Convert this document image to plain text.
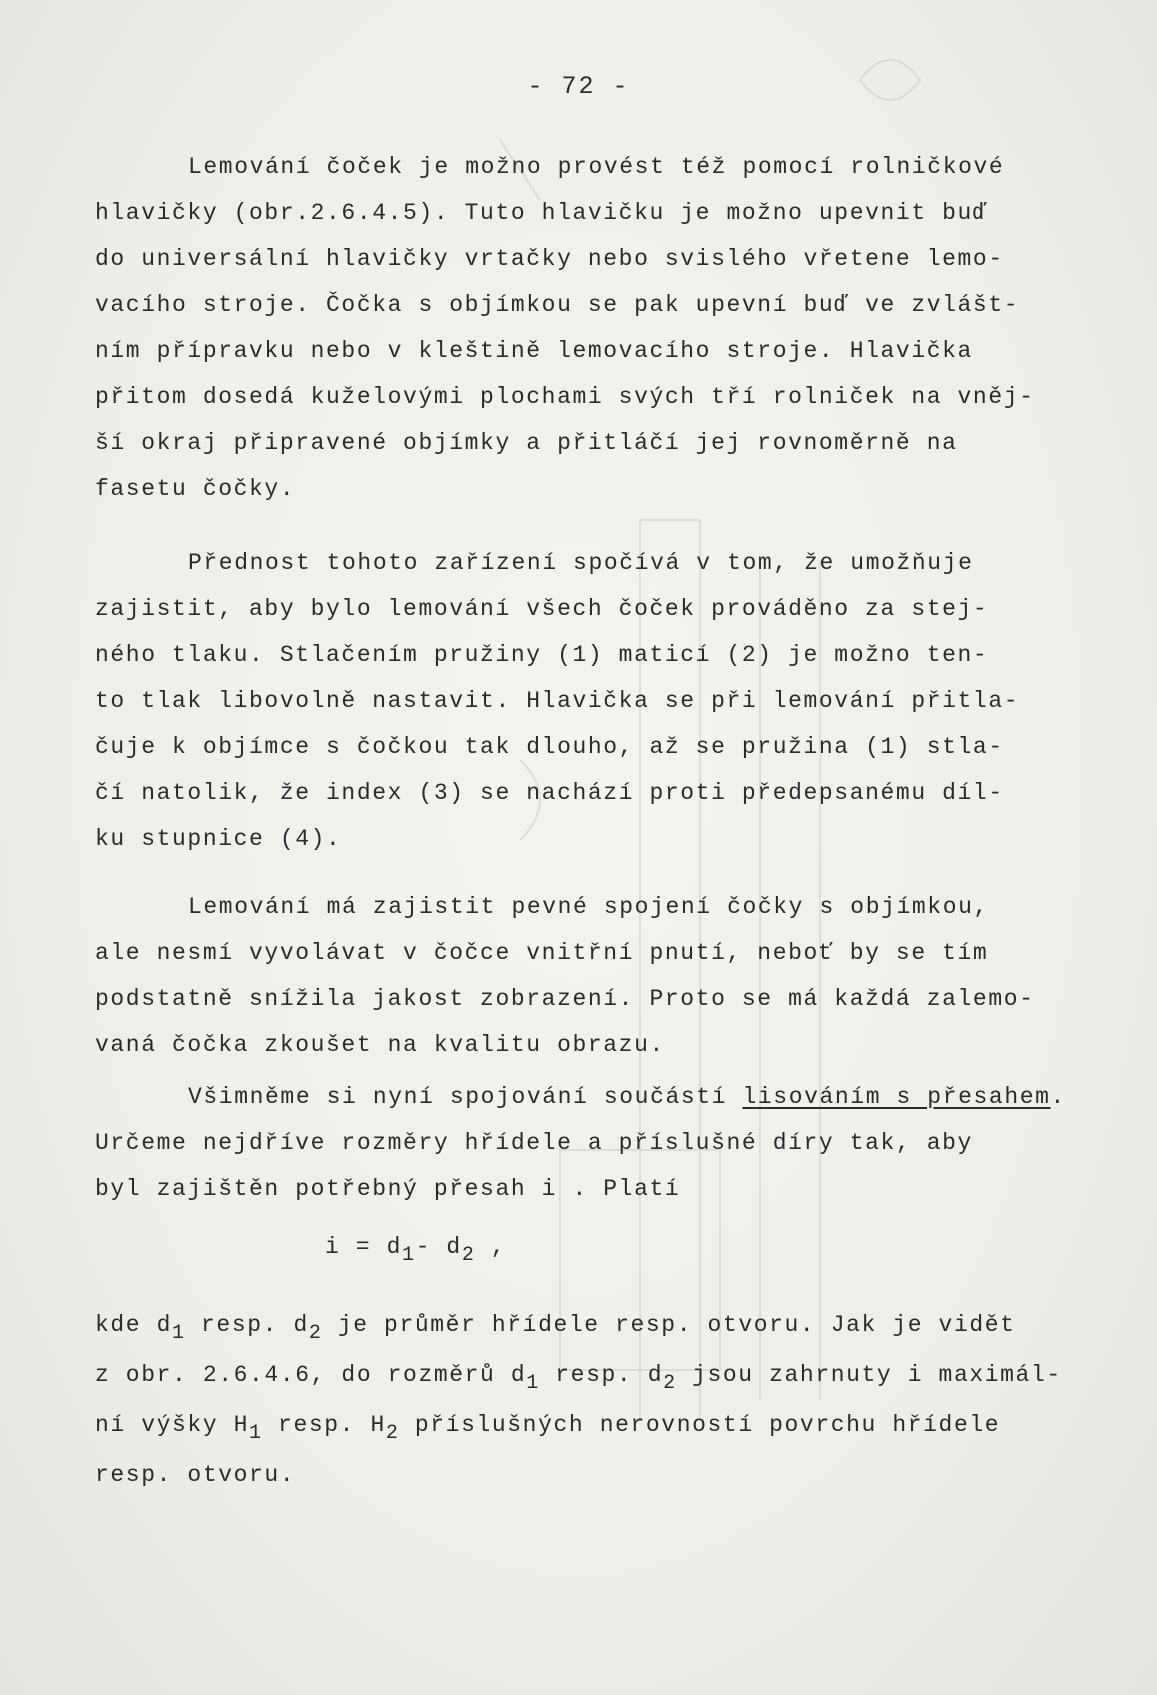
- 72 -
Lemování čoček je možno provést též pomocí rolničkové
hlavičky (obr.2.6.4.5). Tuto hlavičku je možno upevnit buď
do universální hlavičky vrtačky nebo svislého vřetene lemo-
vacího stroje. Čočka s objímkou se pak upevní buď ve zvlášt-
ním přípravku nebo v kleštině lemovacího stroje. Hlavička
přitom dosedá kuželovými plochami svých tří rolniček na vněj-
ší okraj připravené objímky a přitláčí jej rovnoměrně na
fasetu čočky.
Přednost tohoto zařízení spočívá v tom, že umožňuje
zajistit, aby bylo lemování všech čoček prováděno za stej-
ného tlaku. Stlačením pružiny (1) maticí (2) je možno ten-
to tlak libovolně nastavit. Hlavička se při lemování přitla-
čuje k objímce s čočkou tak dlouho, až se pružina (1) stla-
čí natolik, že index (3) se nachází proti předepsanému díl-
ku stupnice (4).
Lemování má zajistit pevné spojení čočky s objímkou,
ale nesmí vyvolávat v čočce vnitřní pnutí, neboť by se tím
podstatně snížila jakost zobrazení. Proto se má každá zalemo-
vaná čočka zkoušet na kvalitu obrazu.
Všimněme si nyní spojování součástí lisováním s přesahem.
Určeme nejdříve rozměry hřídele a příslušné díry tak, aby
byl zajištěn potřebný přesah i . Platí
$i = d_1-$ $d_2$ ,
kde $d_1$ resp. $d_2$ je průměr hřídele resp. otvoru. Jak je vidět
z obr. 2.6.4.6, do rozměrů $d_1$ resp. $d_2$ jsou zahrnuty i maximál-
ní výšky $H_1$ resp. $H_2$ příslušných nerovností povrchu hřídele
resp. otvoru.
